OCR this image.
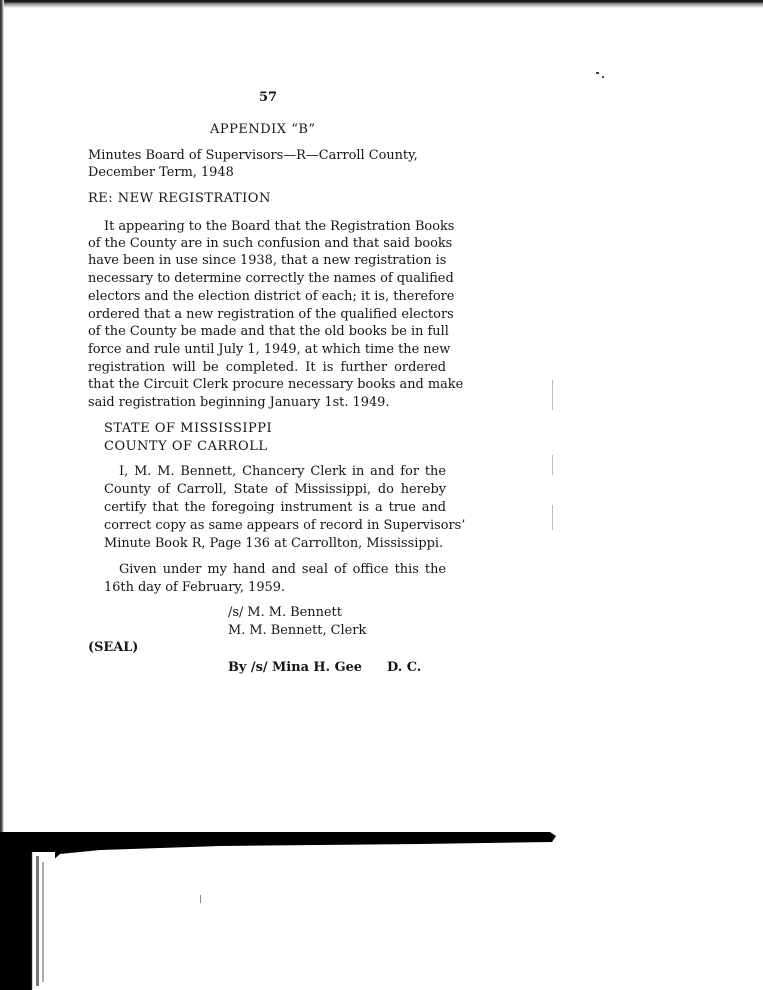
57
APPENDIX “B”
Minutes Board of Supervisors—R—Carroll County,
December Term, 1948
RE: NEW REGISTRATION
It appearing to the Board that the Registration Books
of the County are in such confusion and that said books
have been in use since 1938, that a new registration is
necessary to determine correctly the names of qualified
electors and the election district of each; it is, therefore
ordered that a new registration of the qualified electors
of the County be made and that the old books be in full
force and rule until July 1, 1949, at which time the new
registration will be completed. It is further ordered
that the Circuit Clerk procure necessary books and make
said registration beginning January 1st. 1949.
STATE OF MISSISSIPPI
COUNTY OF CARROLL
I, M. M. Bennett, Chancery Clerk in and for the
County of Carroll, State of Mississippi, do hereby
certify that the foregoing instrument is a true and
correct copy as same appears of record in Supervisors’
Minute Book R, Page 136 at Carrollton, Mississippi.
Given under my hand and seal of office this the
16th day of February, 1959.
/s/ M. M. Bennett
M. M. Bennett, Clerk
(SEAL)
By /s/ Mina H. Gee D. C.
